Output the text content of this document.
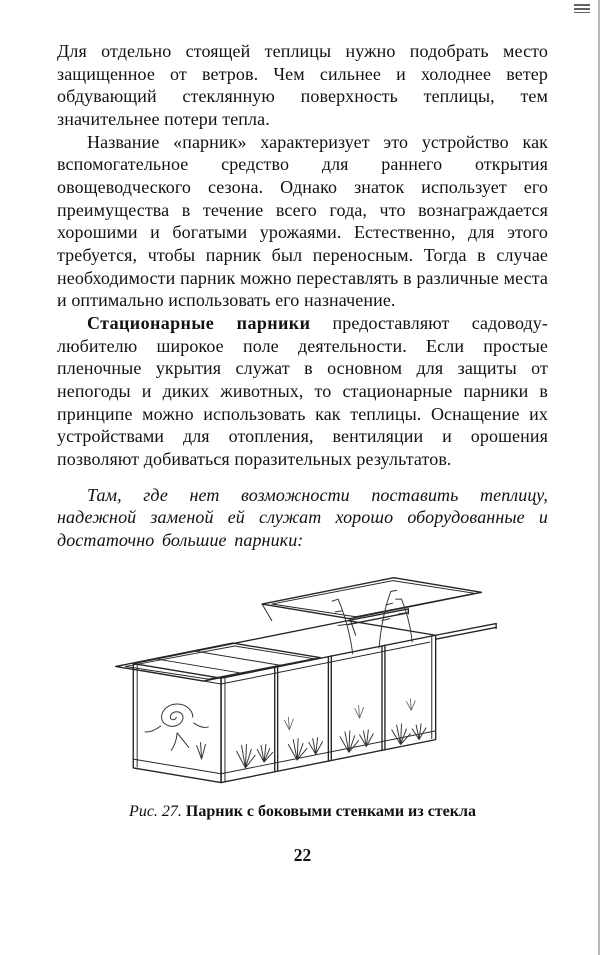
Для отдельно стоящей теплицы нужно подобрать место защищенное от ветров. Чем сильнее и холоднее ветер обдувающий стеклянную поверхность теплицы, тем значительнее потери тепла.

Название «парник» характеризует это устройство как вспомогательное средство для раннего открытия овощеводческого сезона. Однако знаток использует его преимущества в течение всего года, что вознаграждается хорошими и богатыми урожаями. Естественно, для этого требуется, чтобы парник был переносным. Тогда в случае необходимости парник можно переставлять в различные места и оптимально использовать его назначение.

Стационарные парники предоставляют садоводу-любителю широкое поле деятельности. Если простые пленочные укрытия служат в основном для защиты от непогоды и диких животных, то стационарные парники в принципе можно использовать как теплицы. Оснащение их устройствами для отопления, вентиляции и орошения позволяют добиваться поразительных результатов.

Там, где нет возможности поставить теплицу, надежной заменой ей служат хорошо оборудованные и достаточно большие парники:

Рис. 27. Парник с боковыми стенками из стекла
22
